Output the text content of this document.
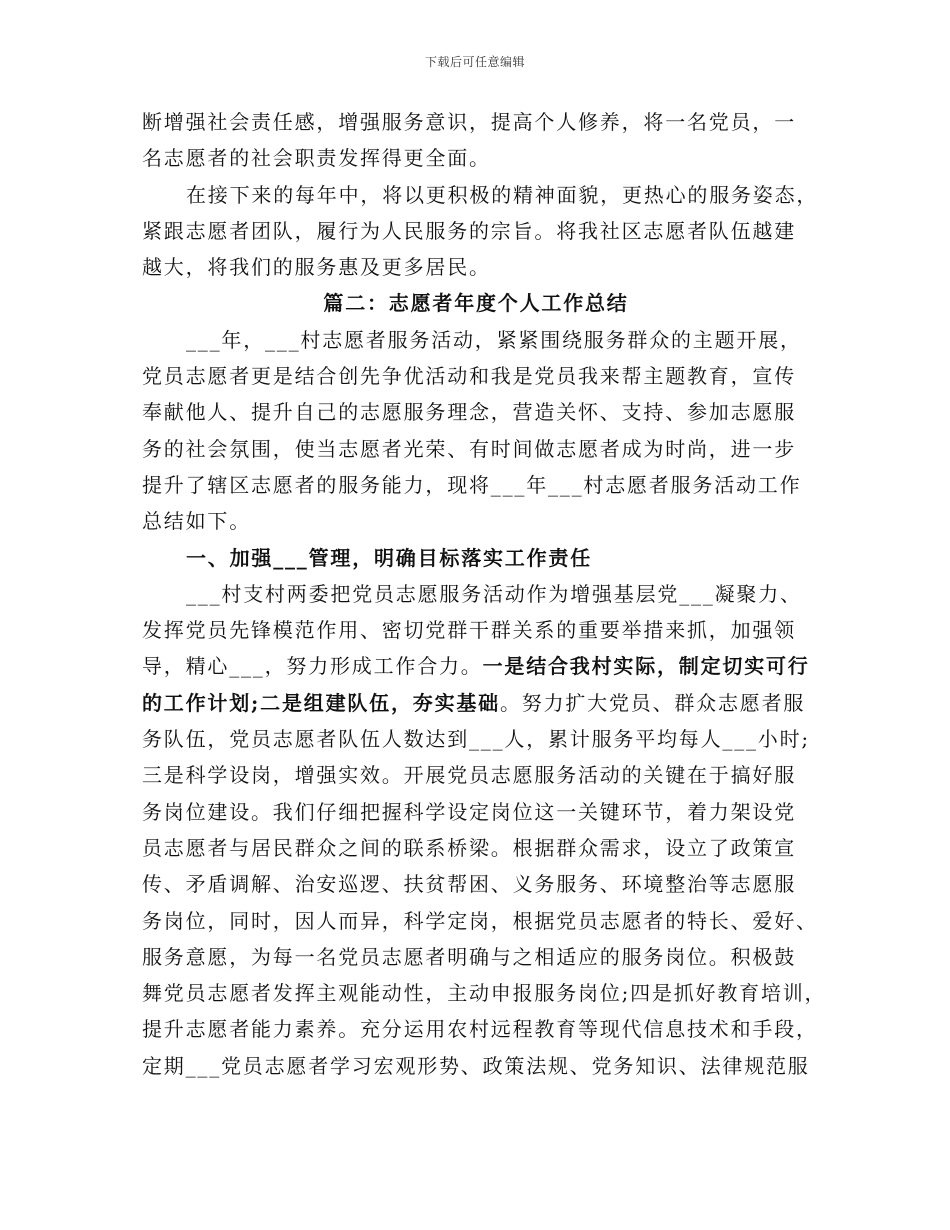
下载后可任意编辑
断增强社会责任感，增强服务意识，提高个人修养，将一名党员，一
名志愿者的社会职责发挥得更全面。
在接下来的每年中，将以更积极的精神面貌，更热心的服务姿态，
紧跟志愿者团队，履行为人民服务的宗旨。将我社区志愿者队伍越建
越大，将我们的服务惠及更多居民。
篇二：志愿者年度个人工作总结
___年，___村志愿者服务活动，紧紧围绕服务群众的主题开展，
党员志愿者更是结合创先争优活动和我是党员我来帮主题教育，宣传
奉献他人、提升自己的志愿服务理念，营造关怀、支持、参加志愿服
务的社会氛围，使当志愿者光荣、有时间做志愿者成为时尚，进一步
提升了辖区志愿者的服务能力，现将___年___村志愿者服务活动工作
总结如下。
一、加强___管理，明确目标落实工作责任
___村支村两委把党员志愿服务活动作为增强基层党___凝聚力、
发挥党员先锋模范作用、密切党群干群关系的重要举措来抓，加强领
导，精心___，努力形成工作合力。一是结合我村实际，制定切实可行
的工作计划;二是组建队伍，夯实基础。努力扩大党员、群众志愿者服
务队伍，党员志愿者队伍人数达到___人，累计服务平均每人___小时;
三是科学设岗，增强实效。开展党员志愿服务活动的关键在于搞好服
务岗位建设。我们仔细把握科学设定岗位这一关键环节，着力架设党
员志愿者与居民群众之间的联系桥梁。根据群众需求，设立了政策宣
传、矛盾调解、治安巡逻、扶贫帮困、义务服务、环境整治等志愿服
务岗位，同时，因人而异，科学定岗，根据党员志愿者的特长、爱好、
服务意愿，为每一名党员志愿者明确与之相适应的服务岗位。积极鼓
舞党员志愿者发挥主观能动性，主动申报服务岗位;四是抓好教育培训，
提升志愿者能力素养。充分运用农村远程教育等现代信息技术和手段，
定期___党员志愿者学习宏观形势、政策法规、党务知识、法律规范服
